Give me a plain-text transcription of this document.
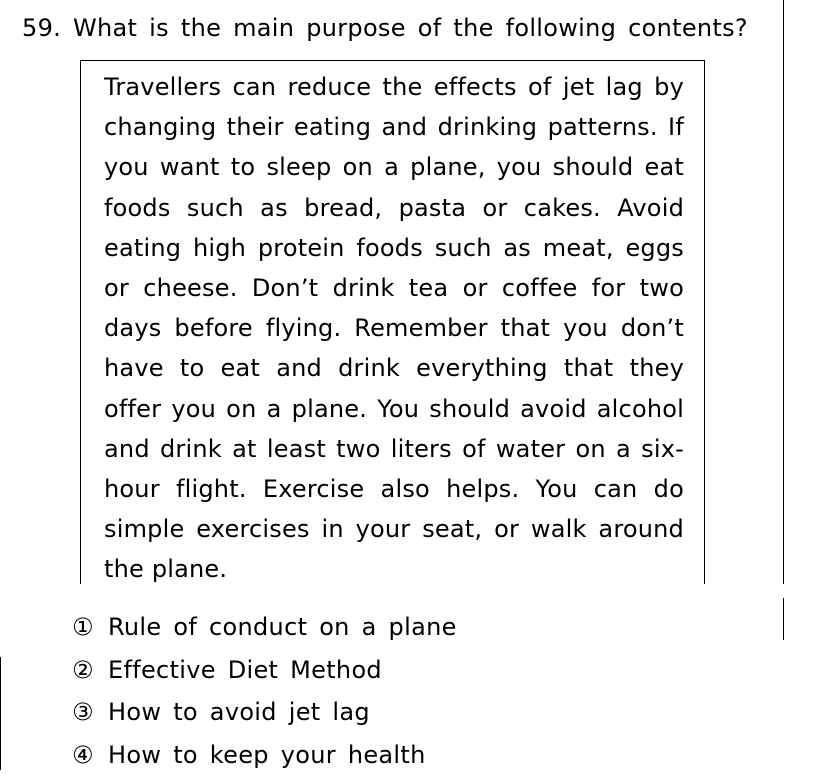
59. What is the main purpose of the following contents?
Travellers can reduce the effects of jet lag by changing their eating and drinking patterns. If you want to sleep on a plane, you should eat foods such as bread, pasta or cakes. Avoid eating high protein foods such as meat, eggs or cheese. Don’t drink tea or coffee for two days before flying. Remember that you don’t have to eat and drink everything that they offer you on a plane. You should avoid alcohol and drink at least two liters of water on a six-hour flight. Exercise also helps. You can do simple exercises in your seat, or walk around the plane.
① Rule of conduct on a plane
② Effective Diet Method
③ How to avoid jet lag
④ How to keep your health
